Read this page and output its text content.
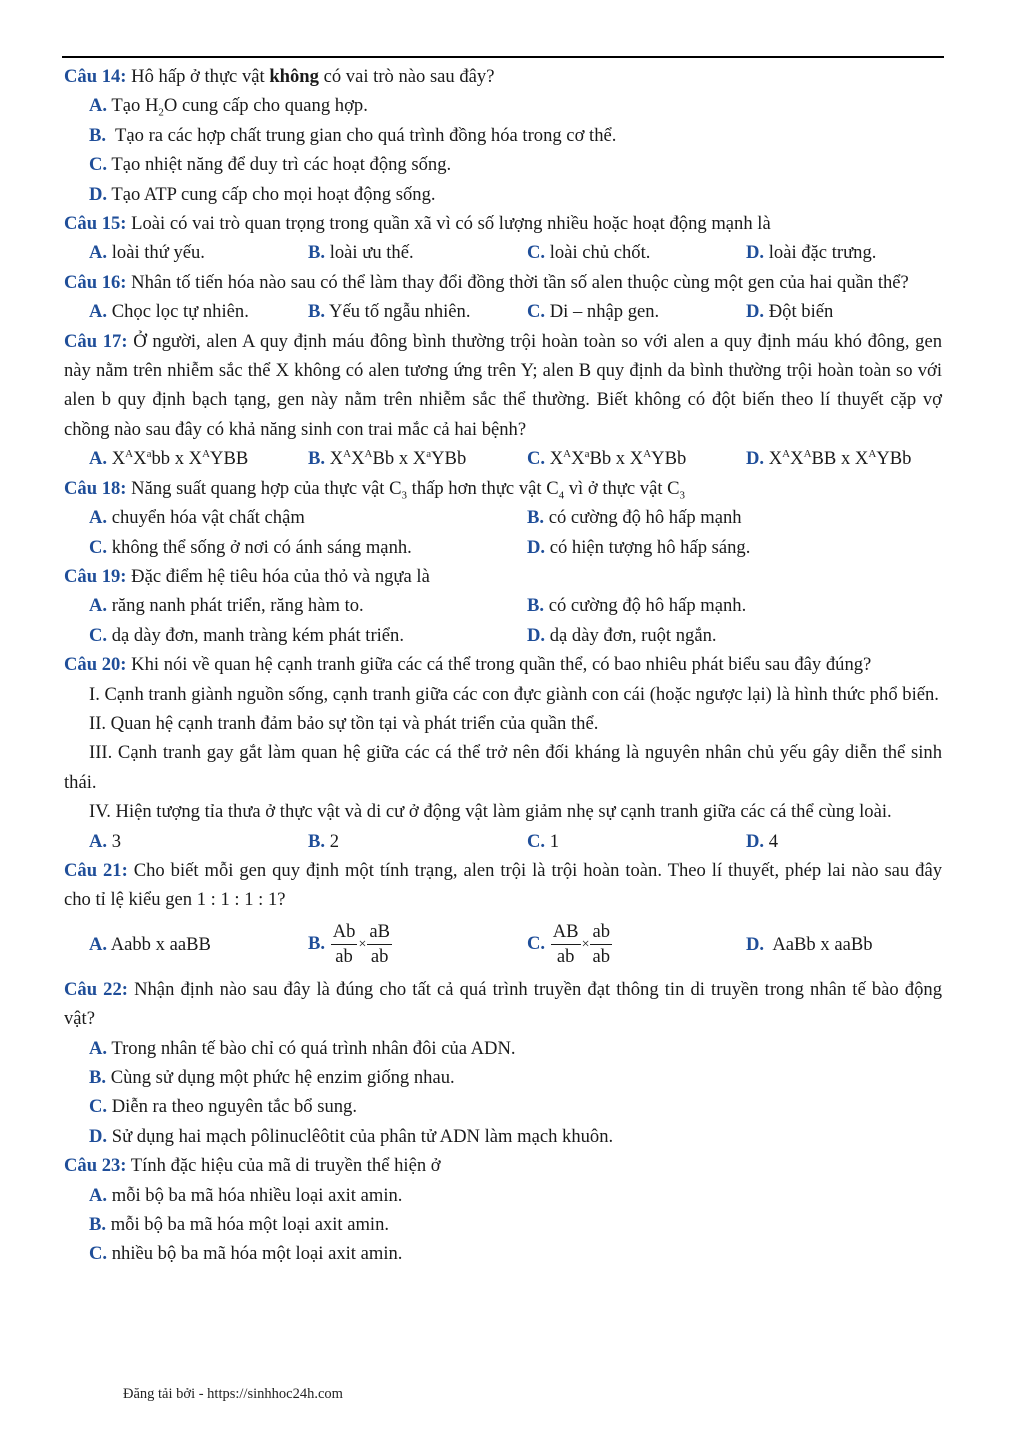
Câu 14: Hô hấp ở thực vật không có vai trò nào sau đây?

A. Tạo $H_2O$ cung cấp cho quang hợp.
B.  Tạo ra các hợp chất trung gian cho quá trình đồng hóa trong cơ thể.
C. Tạo nhiệt năng để duy trì các hoạt động sống.
D. Tạo ATP cung cấp cho mọi hoạt động sống.

Câu 15: Loài có vai trò quan trọng trong quần xã vì có số lượng nhiều hoặc hoạt động mạnh là

A. loài thứ yếu.	B. loài ưu thế.	C. loài chủ chốt.	D. loài đặc trưng.

Câu 16: Nhân tố tiến hóa nào sau có thể làm thay đổi đồng thời tần số alen thuộc cùng một gen của hai quần thể?

A. Chọc lọc tự nhiên.	B. Yếu tố ngẫu nhiên.	C. Di – nhập gen.	D. Đột biến

Câu 17: Ở người, alen A quy định máu đông bình thường trội hoàn toàn so với alen a quy định máu khó đông, gen này nằm trên nhiễm sắc thể X không có alen tương ứng trên Y; alen B quy định da bình thường trội hoàn toàn so với alen b quy định bạch tạng, gen này nằm trên nhiễm sắc thể thường. Biết không có đột biến theo lí thuyết cặp vợ chồng nào sau đây có khả năng sinh con trai mắc cả hai bệnh?

A. $X^AX^abb$ x $X^AYBB$	B. $X^AX^ABb$ x $X^aYBb$	C. $X^AX^aBb$ x $X^AYBb$	D. $X^AX^ABB$ x $X^AYBb$

Câu 18: Năng suất quang hợp của thực vật $C_3$ thấp hơn thực vật $C_4$ vì ở thực vật $C_3$

A. chuyển hóa vật chất chậm	B. có cường độ hô hấp mạnh
C. không thể sống ở nơi có ánh sáng mạnh.	D. có hiện tượng hô hấp sáng.

Câu 19: Đặc điểm hệ tiêu hóa của thỏ và ngựa là

A. răng nanh phát triển, răng hàm to.	B. có cường độ hô hấp mạnh.
C. dạ dày đơn, manh tràng kém phát triển.	D. dạ dày đơn, ruột ngắn.

Câu 20: Khi nói về quan hệ cạnh tranh giữa các cá thể trong quần thể, có bao nhiêu phát biểu sau đây đúng?

I. Cạnh tranh giành nguồn sống, cạnh tranh giữa các con đực giành con cái (hoặc ngược lại) là hình thức phổ biến.

II. Quan hệ cạnh tranh đảm bảo sự tồn tại và phát triển của quần thể.

III. Cạnh tranh gay gắt làm quan hệ giữa các cá thể trở nên đối kháng là nguyên nhân chủ yếu gây diễn thể sinh thái.

IV. Hiện tượng tỉa thưa ở thực vật và di cư ở động vật làm giảm nhẹ sự cạnh tranh giữa các cá thể cùng loài.

A. 3	B. 2	C. 1	D. 4

Câu 21: Cho biết mỗi gen quy định một tính trạng, alen trội là trội hoàn toàn. Theo lí thuyết, phép lai nào sau đây cho tỉ lệ kiểu gen 1 : 1 : 1 : 1?

A. Aabb x aaBB	B. $\frac{Ab}{ab} \times \frac{aB}{ab}$	C. $\frac{AB}{ab} \times \frac{ab}{ab}$	D.  AaBb x aaBb

Câu 22: Nhận định nào sau đây là đúng cho tất cả quá trình truyền đạt thông tin di truyền trong nhân tế bào động vật?

A. Trong nhân tế bào chỉ có quá trình nhân đôi của ADN.
B. Cùng sử dụng một phức hệ enzim giống nhau.
C. Diễn ra theo nguyên tắc bổ sung.
D. Sử dụng hai mạch pôlinuclêôtit của phân tử ADN làm mạch khuôn.

Câu 23: Tính đặc hiệu của mã di truyền thể hiện ở

A. mỗi bộ ba mã hóa nhiều loại axit amin.
B. mỗi bộ ba mã hóa một loại axit amin.
C. nhiều bộ ba mã hóa một loại axit amin.
Đăng tải bởi - https://sinhhoc24h.com
